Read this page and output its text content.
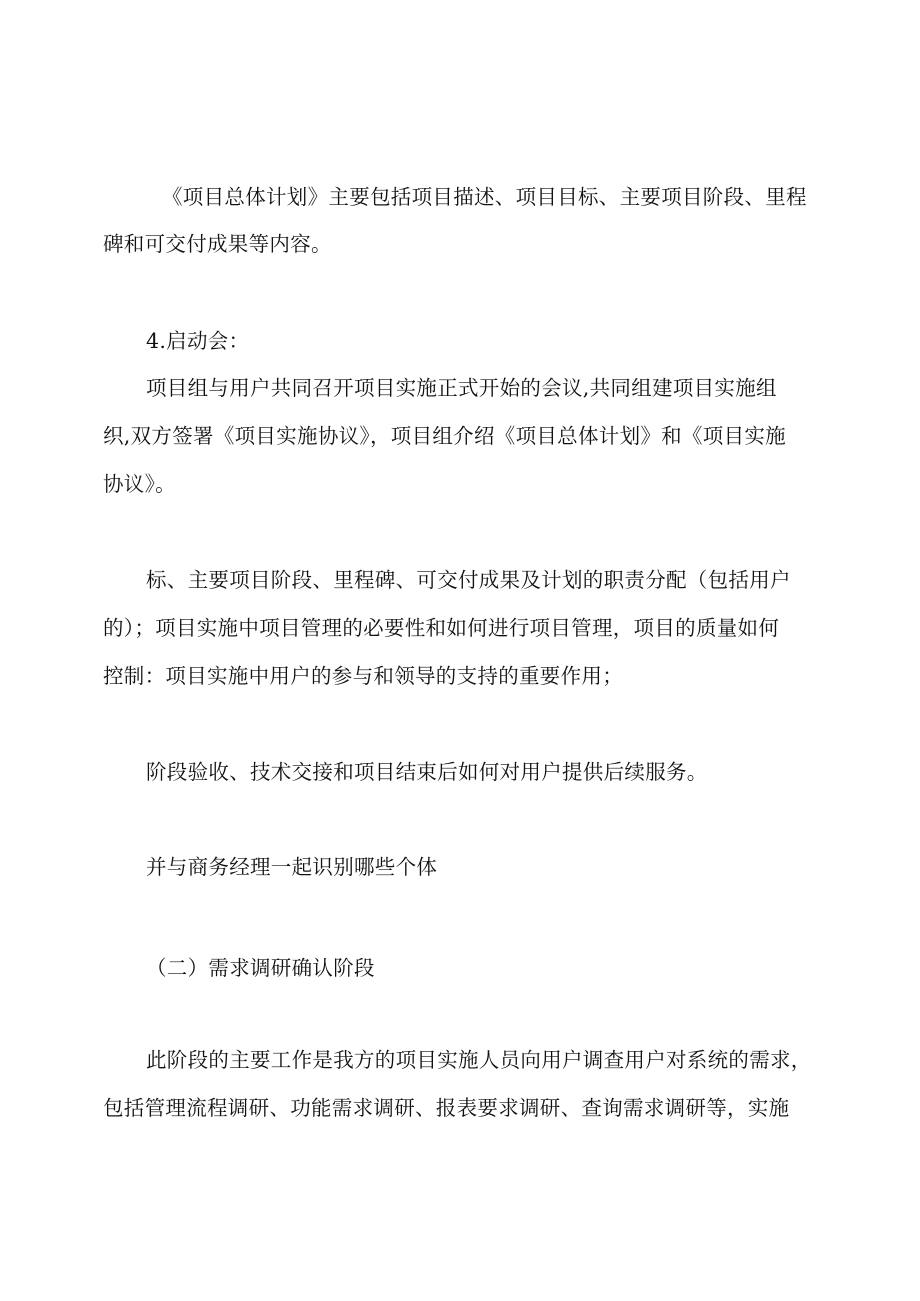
《项目总体计划》主要包括项目描述、项目目标、主要项目阶段、里程
碑和可交付成果等内容。
4.启动会：
项目组与用户共同召开项目实施正式开始的会议,共同组建项目实施组
织,双方签署《项目实施协议》，项目组介绍《项目总体计划》和《项目实施
协议》。
标、主要项目阶段、里程碑、可交付成果及计划的职责分配（包括用户
的）；项目实施中项目管理的必要性和如何进行项目管理，项目的质量如何
控制：项目实施中用户的参与和领导的支持的重要作用；
阶段验收、技术交接和项目结束后如何对用户提供后续服务。
并与商务经理一起识别哪些个体
（二）需求调研确认阶段
此阶段的主要工作是我方的项目实施人员向用户调查用户对系统的需求，
包括管理流程调研、功能需求调研、报表要求调研、查询需求调研等，实施
